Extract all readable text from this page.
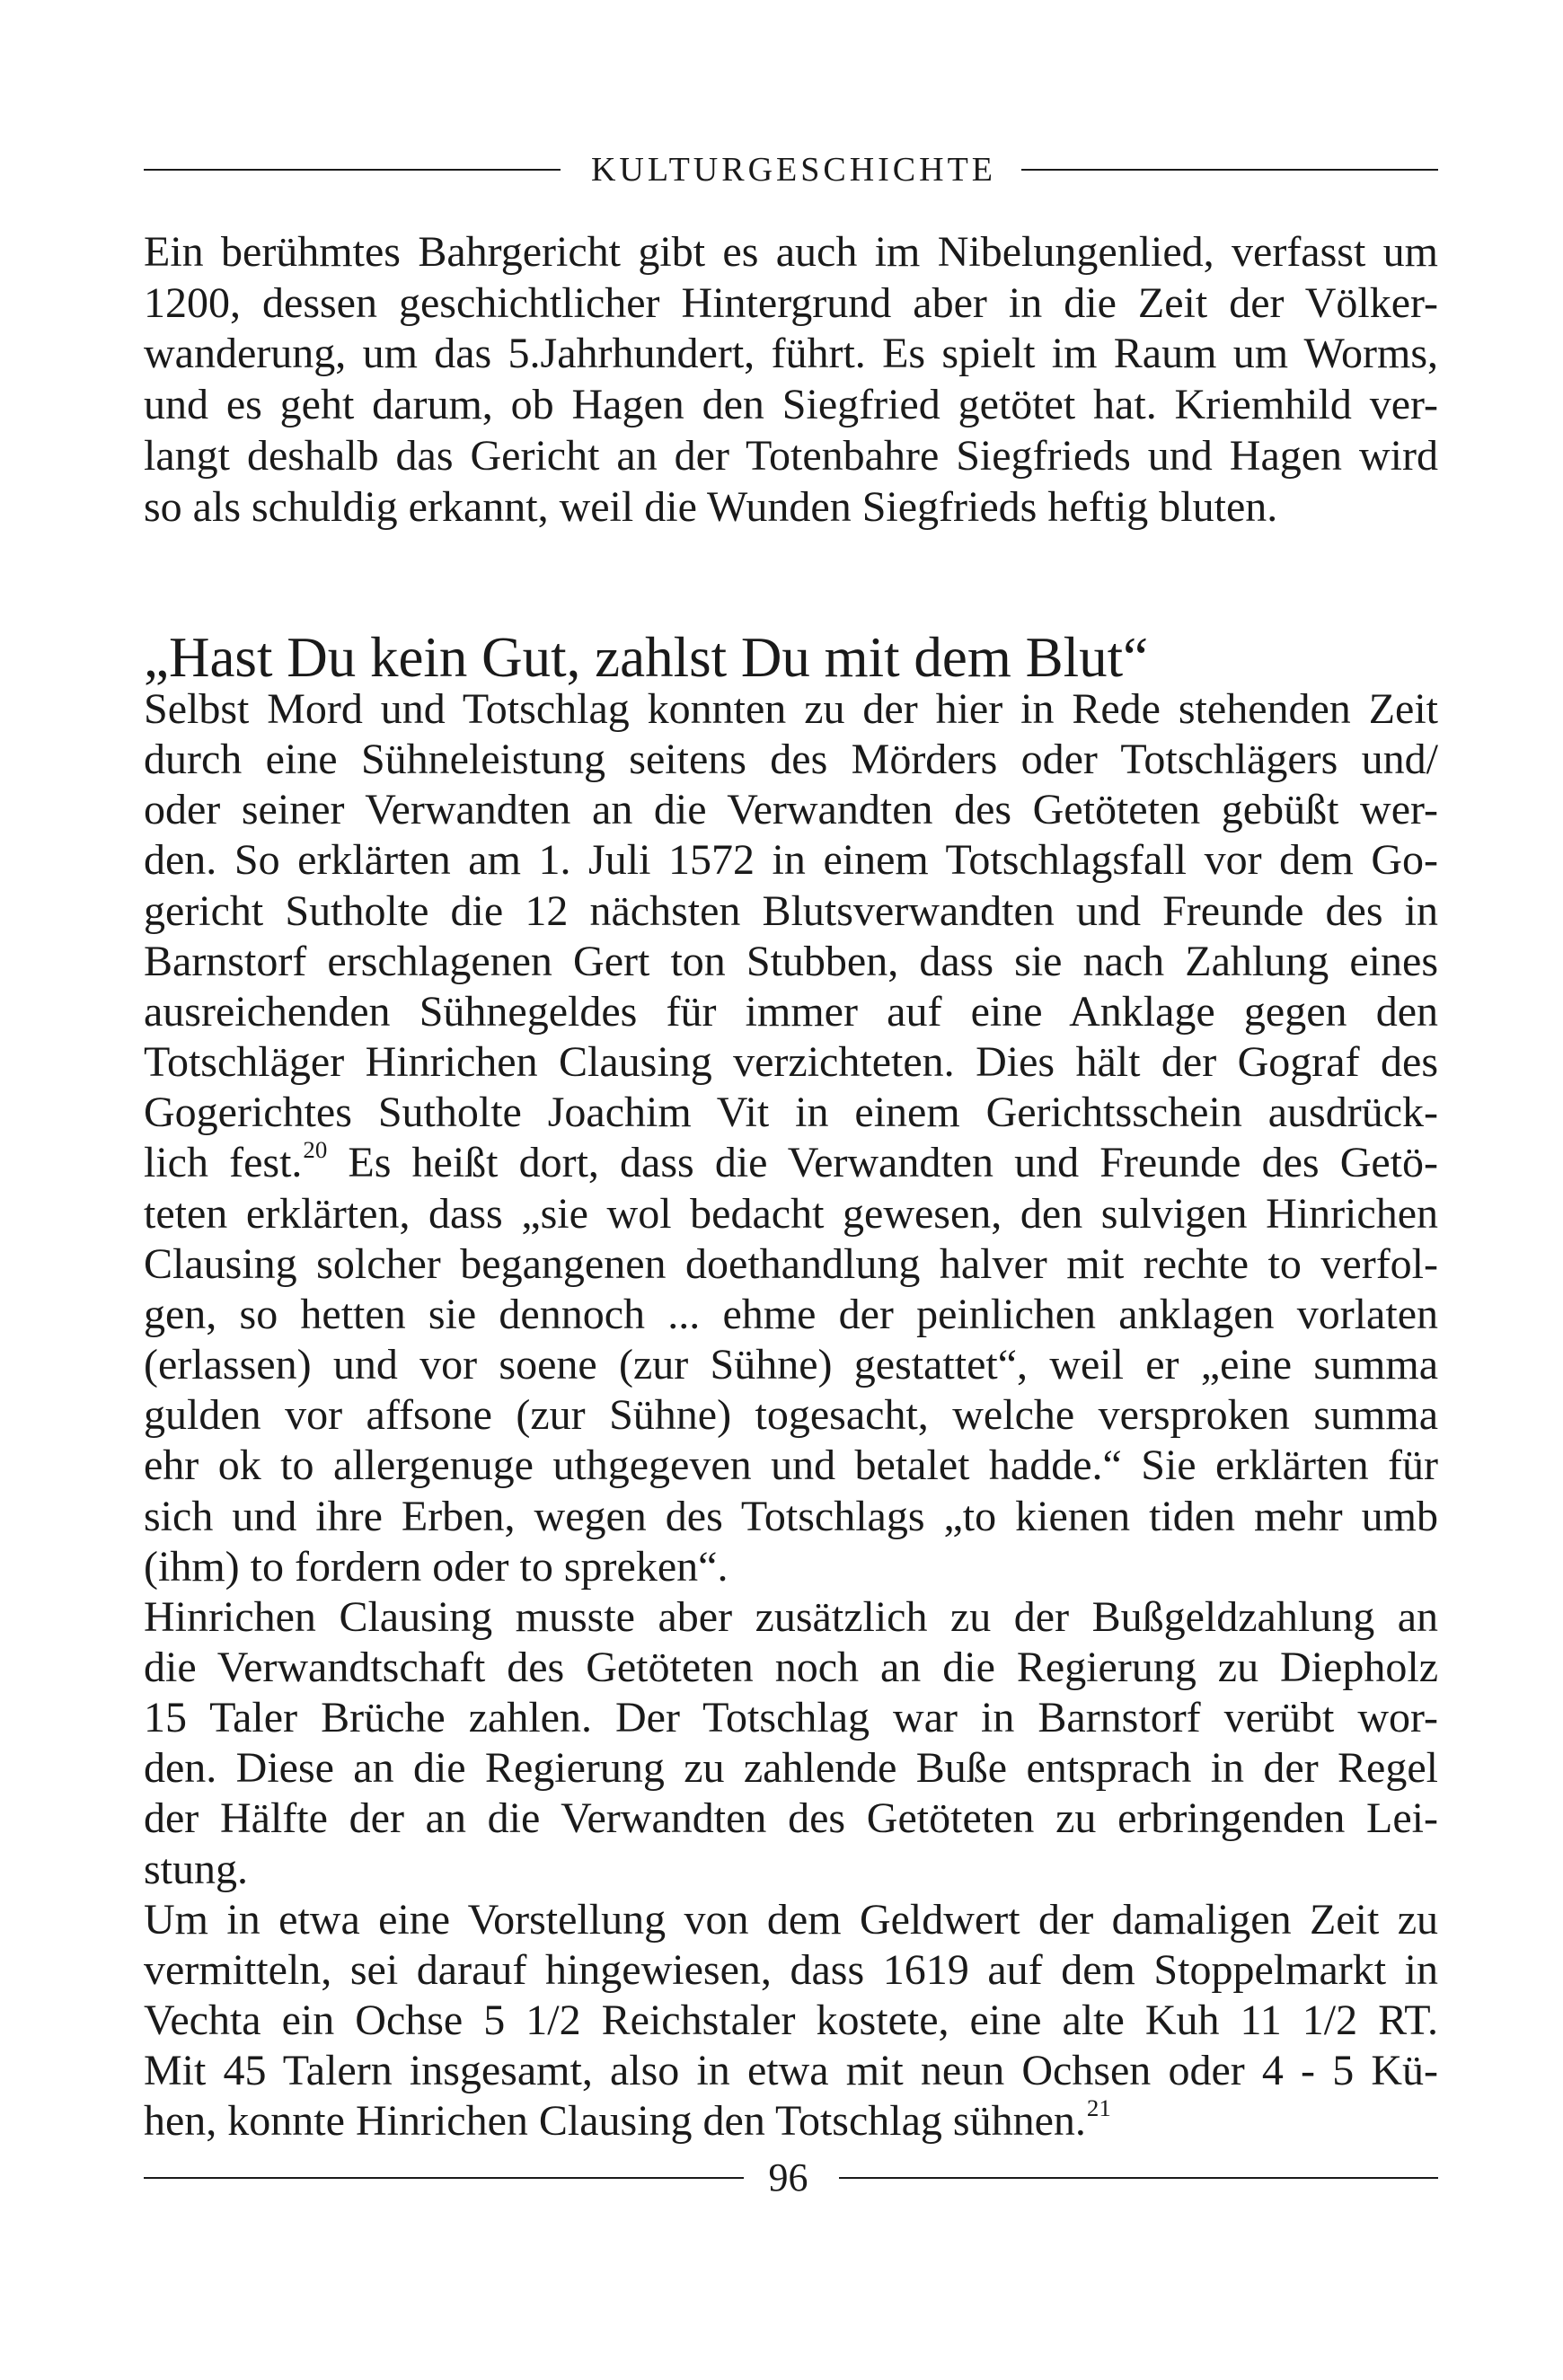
KULTURGESCHICHTE
Ein berühmtes Bahrgericht gibt es auch im Nibelungenlied, verfasst um
1200, dessen geschichtlicher Hintergrund aber in die Zeit der Völker-
wanderung, um das 5.Jahrhundert, führt. Es spielt im Raum um Worms,
und es geht darum, ob Hagen den Siegfried getötet hat. Kriemhild ver-
langt deshalb das Gericht an der Totenbahre Siegfrieds und Hagen wird
so als schuldig erkannt, weil die Wunden Siegfrieds heftig bluten.
„Hast Du kein Gut, zahlst Du mit dem Blut“
Selbst Mord und Totschlag konnten zu der hier in Rede stehenden Zeit
durch eine Sühneleistung seitens des Mörders oder Totschlägers und/
oder seiner Verwandten an die Verwandten des Getöteten gebüßt wer-
den. So erklärten am 1. Juli 1572 in einem Totschlagsfall vor dem Go-
gericht Sutholte die 12 nächsten Blutsverwandten und Freunde des in
Barnstorf erschlagenen Gert ton Stubben, dass sie nach Zahlung eines
ausreichenden Sühnegeldes für immer auf eine Anklage gegen den
Totschläger Hinrichen Clausing verzichteten. Dies hält der Gograf des
Gogerichtes Sutholte Joachim Vit in einem Gerichtsschein ausdrück-
lich fest.$^{20}$ Es heißt dort, dass die Verwandten und Freunde des Getö-
teten erklärten, dass „sie wol bedacht gewesen, den sulvigen Hinrichen
Clausing solcher begangenen doethandlung halver mit rechte to verfol-
gen, so hetten sie dennoch ... ehme der peinlichen anklagen vorlaten
(erlassen) und vor soene (zur Sühne) gestattet“, weil er „eine summa
gulden vor affsone (zur Sühne) togesacht, welche versproken summa
ehr ok to allergenuge uthgegeven und betalet hadde.“ Sie erklärten für
sich und ihre Erben, wegen des Totschlags „to kienen tiden mehr umb
(ihm) to fordern oder to spreken“.
Hinrichen Clausing musste aber zusätzlich zu der Bußgeldzahlung an
die Verwandtschaft des Getöteten noch an die Regierung zu Diepholz
15 Taler Brüche zahlen. Der Totschlag war in Barnstorf verübt wor-
den. Diese an die Regierung zu zahlende Buße entsprach in der Regel
der Hälfte der an die Verwandten des Getöteten zu erbringenden Lei-
stung.
Um in etwa eine Vorstellung von dem Geldwert der damaligen Zeit zu
vermitteln, sei darauf hingewiesen, dass 1619 auf dem Stoppelmarkt in
Vechta ein Ochse 5 1/2 Reichstaler kostete, eine alte Kuh 11 1/2 RT.
Mit 45 Talern insgesamt, also in etwa mit neun Ochsen oder 4 - 5 Kü-
hen, konnte Hinrichen Clausing den Totschlag sühnen.$^{21}$
96
